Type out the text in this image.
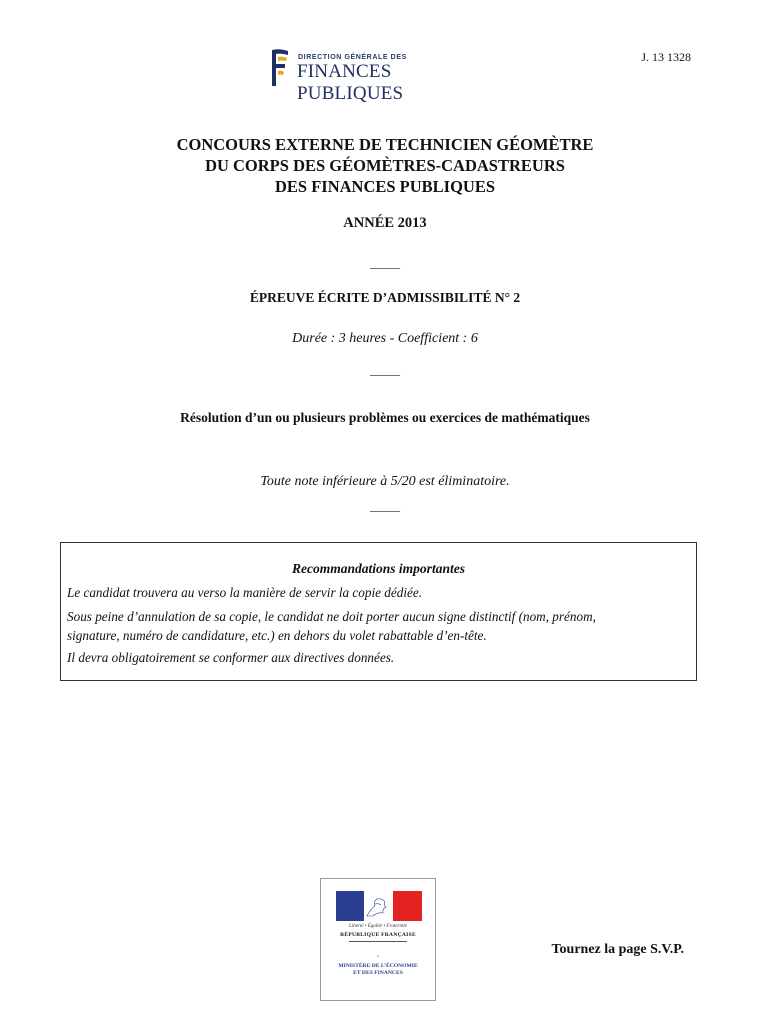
DIRECTION GÉNÉRALE DES
FINANCES PUBLIQUES
J. 13 1328
CONCOURS EXTERNE DE TECHNICIEN GÉOMÈTRE
DU CORPS DES GÉOMÈTRES-CADASTREURS
DES FINANCES PUBLIQUES
ANNÉE 2013
_____
ÉPREUVE ÉCRITE D’ADMISSIBILITÉ N° 2
Durée : 3 heures - Coefficient : 6
_____
Résolution d’un ou plusieurs problèmes ou exercices de mathématiques
Toute note inférieure à 5/20 est éliminatoire.
_____
Recommandations importantes
Le candidat trouvera au verso la manière de servir la copie dédiée.
Sous peine d’annulation de sa copie, le candidat ne doit porter aucun signe distinctif (nom, prénom,
signature, numéro de candidature, etc.) en dehors du volet rabattable d’en-tête.
Il devra obligatoirement se conformer aux directives données.
Liberté • Égalité • Fraternité
RÉPUBLIQUE FRANÇAISE
•
MINISTÈRE DE L’ÉCONOMIE
ET DES FINANCES
Tournez la page S.V.P.
